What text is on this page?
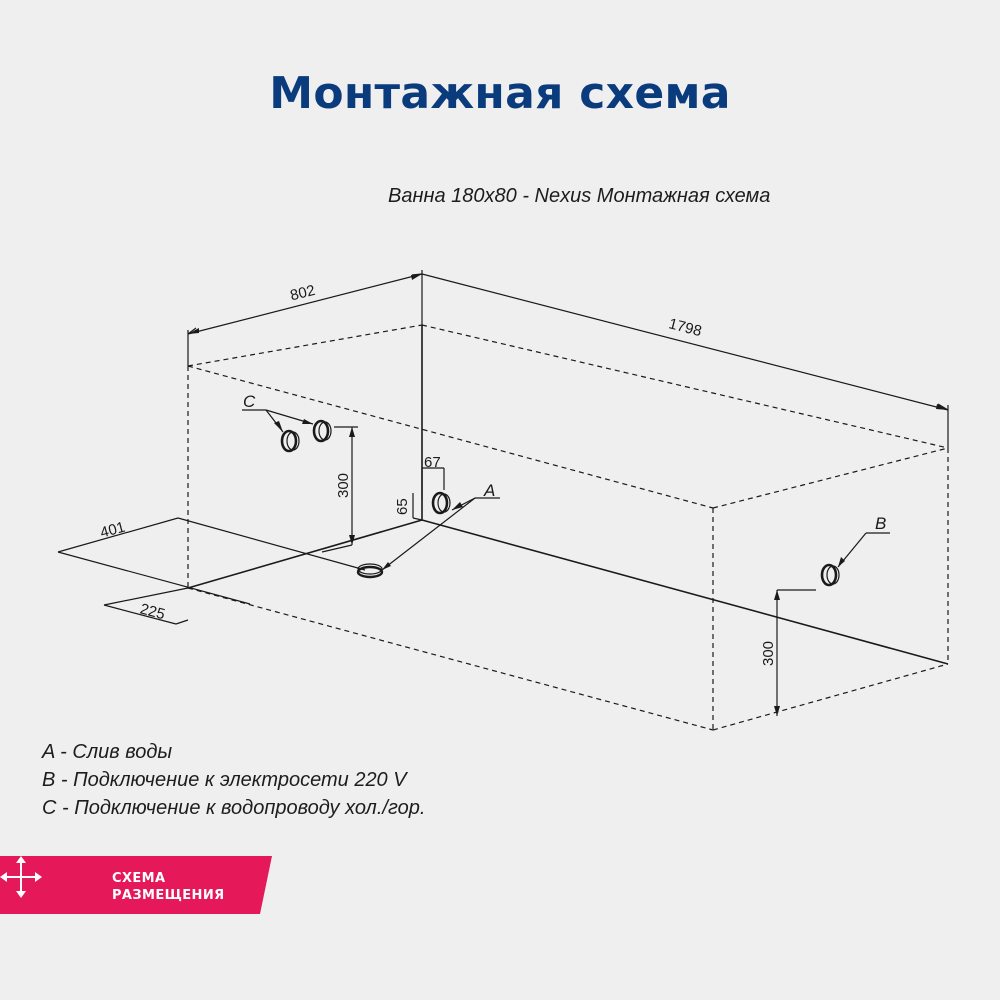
Монтажная схема
Ванна 180x80 - Nexus Монтажная схема
802
1798
300
67
65
401
225
300
C
A
B
A - Слив воды
B - Подключение к электросети 220 V
C - Подключение к водопроводу хол./гор.
СХЕМА
РАЗМЕЩЕНИЯ
